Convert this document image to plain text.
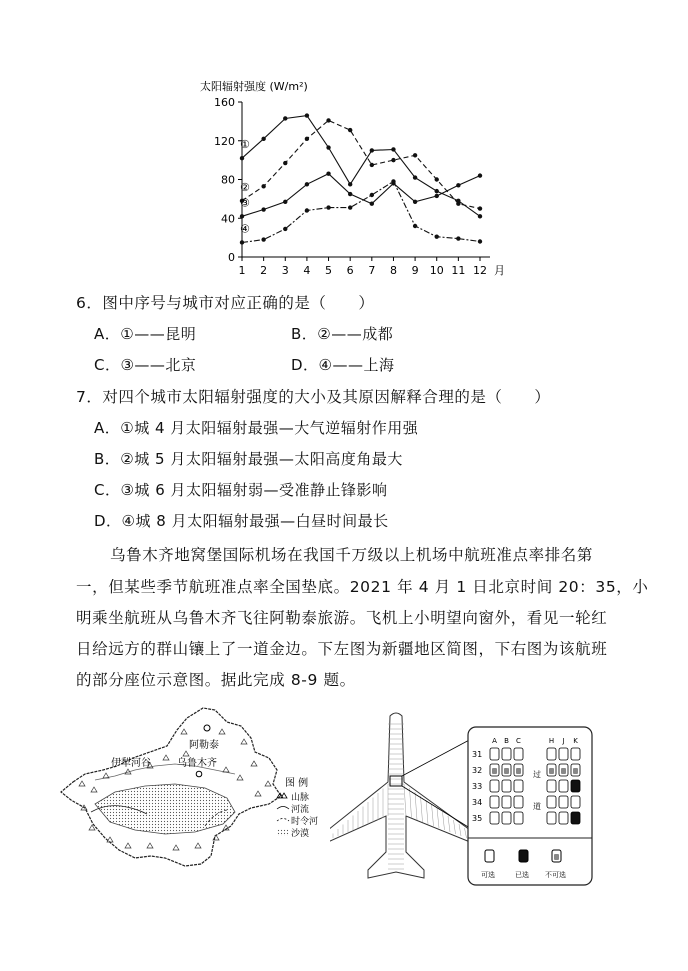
太阳辐射强度 (W/m²)
0
40
80
120
160
1 2 3 4 5 6 7 8 9 10 11 12
①
②
③
④
月
6．图中序号与城市对应正确的是（　　）
A．①——昆明	B．②——成都
C．③——北京	D．④——上海
7．对四个城市太阳辐射强度的大小及其原因解释合理的是（　　）
A．①城 4 月太阳辐射最强—大气逆辐射作用强
B．②城 5 月太阳辐射最强—太阳高度角最大
C．③城 6 月太阳辐射弱—受准静止锋影响
D．④城 8 月太阳辐射最强—白昼时间最长
乌鲁木齐地窝堡国际机场在我国千万级以上机场中航班准点率排名第
一，但某些季节航班准点率全国垫底。2021 年 4 月 1 日北京时间 20：35，小
明乘坐航班从乌鲁木齐飞往阿勒泰旅游。飞机上小明望向窗外，看见一轮红
日给远方的群山镶上了一道金边。下左图为新疆地区简图，下右图为该航班
的部分座位示意图。据此完成 8-9 题。
阿勒泰
伊犁河谷	乌鲁木齐
图 例
山脉
河流
时令河
沙漠
A B C	H J K
31
32
33
34
35
过
道
可选	已选 不可选
